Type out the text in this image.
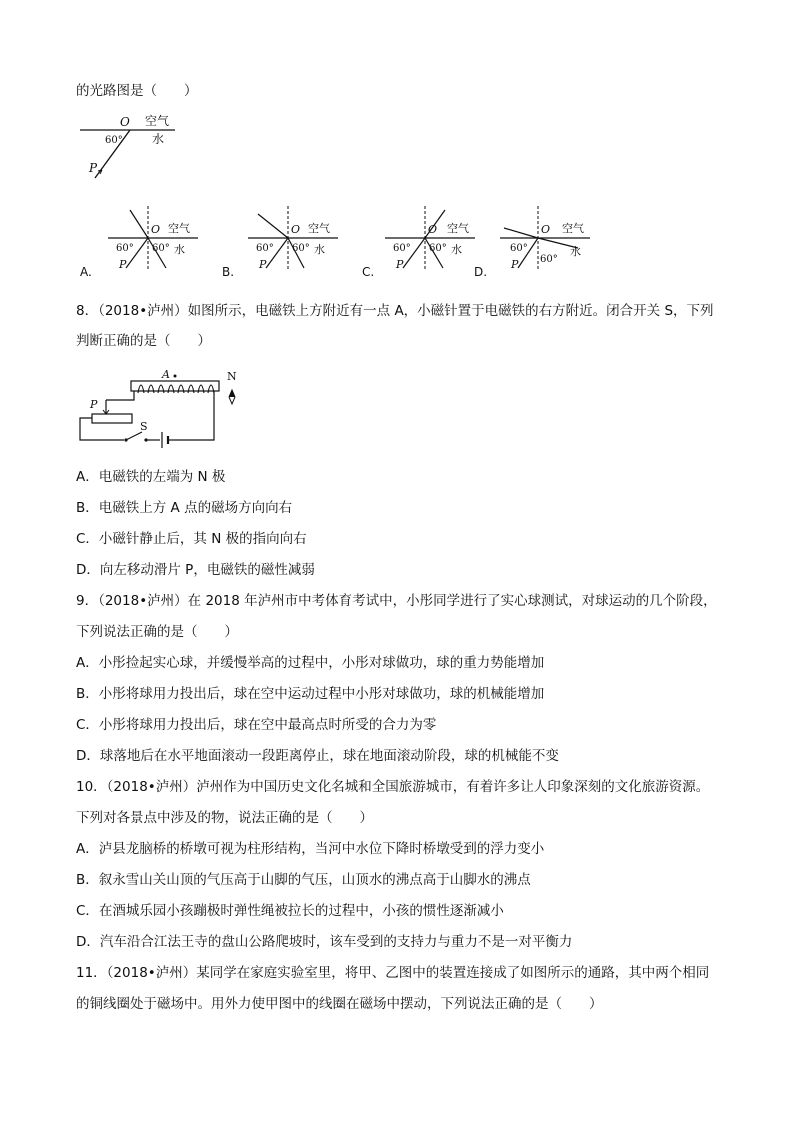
的光路图是（　　）
O 空气
水
60°
P
O 空气
水
60° 60°
P
A.
O 空气
水
60° 60°
P
B.
O 空气
水
60° 60°
P
C.
O 空气
水
60°
60°
P
D.
8．（2018•泸州）如图所示，电磁铁上方附近有一点 A，小磁针置于电磁铁的右方附近。闭合开关 S，下列
判断正确的是（　　）
A
P
S
N
A．电磁铁的左端为 N 极
B．电磁铁上方 A 点的磁场方向向右
C．小磁针静止后，其 N 极的指向向右
D．向左移动滑片 P，电磁铁的磁性减弱
9．（2018•泸州）在 2018 年泸州市中考体育考试中，小彤同学进行了实心球测试，对球运动的几个阶段，
下列说法正确的是（　　）
A．小彤捡起实心球，并缓慢举高的过程中，小彤对球做功，球的重力势能增加
B．小彤将球用力投出后，球在空中运动过程中小彤对球做功，球的机械能增加
C．小彤将球用力投出后，球在空中最高点时所受的合力为零
D．球落地后在水平地面滚动一段距离停止，球在地面滚动阶段，球的机械能不变
10．（2018•泸州）泸州作为中国历史文化名城和全国旅游城市，有着许多让人印象深刻的文化旅游资源。
下列对各景点中涉及的物，说法正确的是（　　）
A．泸县龙脑桥的桥墩可视为柱形结构，当河中水位下降时桥墩受到的浮力变小
B．叙永雪山关山顶的气压高于山脚的气压，山顶水的沸点高于山脚水的沸点
C．在酒城乐园小孩蹦极时弹性绳被拉长的过程中，小孩的惯性逐渐减小
D．汽车沿合江法王寺的盘山公路爬坡时，该车受到的支持力与重力不是一对平衡力
11．（2018•泸州）某同学在家庭实验室里，将甲、乙图中的装置连接成了如图所示的通路，其中两个相同
的铜线圈处于磁场中。用外力使甲图中的线圈在磁场中摆动，下列说法正确的是（　　）
